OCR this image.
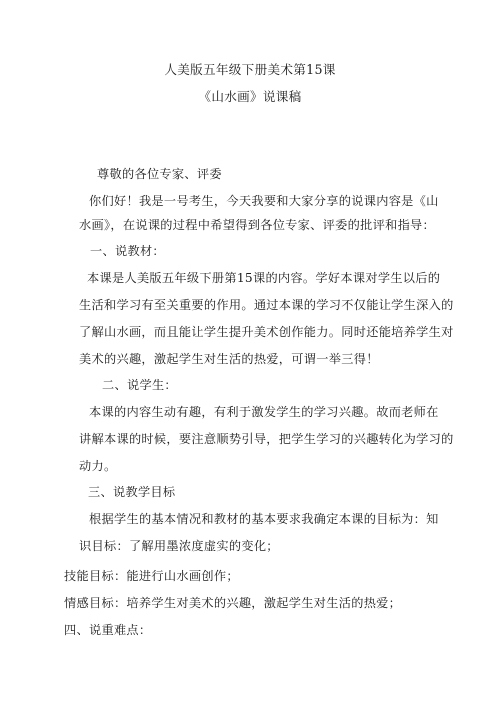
人美版五年级下册美术第15课
《山水画》说课稿
尊敬的各位专家、评委
你们好！我是一号考生，今天我要和大家分享的说课内容是《山
水画》，在说课的过程中希望得到各位专家、评委的批评和指导：
一、说教材：
本课是人美版五年级下册第15课的内容。学好本课对学生以后的
生活和学习有至关重要的作用。通过本课的学习不仅能让学生深入的
了解山水画，而且能让学生提升美术创作能力。同时还能培养学生对
美术的兴趣，激起学生对生活的热爱，可谓一举三得！
二、说学生：
本课的内容生动有趣，有利于激发学生的学习兴趣。故而老师在
讲解本课的时候，要注意顺势引导，把学生学习的兴趣转化为学习的
动力。
三、说教学目标
根据学生的基本情况和教材的基本要求我确定本课的目标为：知
识目标：了解用墨浓度虚实的变化；
技能目标：能进行山水画创作；
情感目标：培养学生对美术的兴趣，激起学生对生活的热爱；
四、说重难点：
